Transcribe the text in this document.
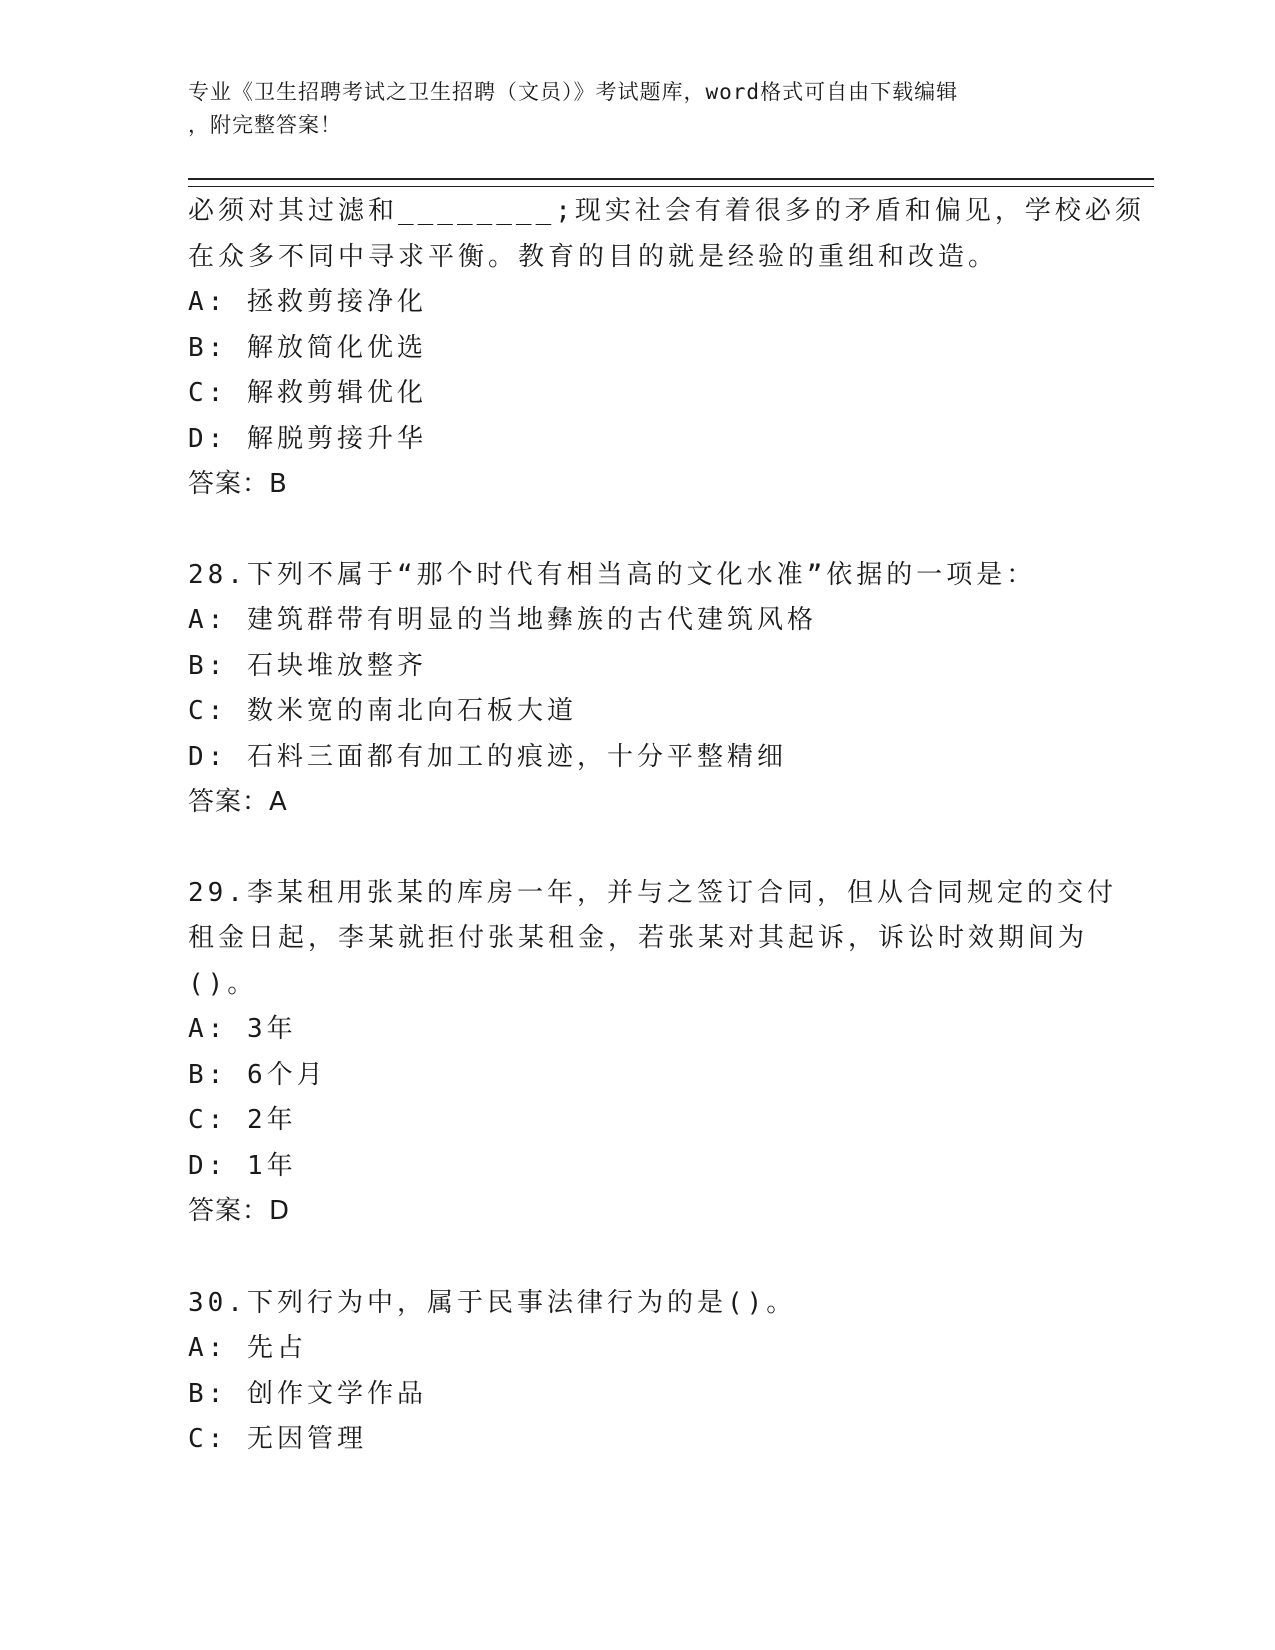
专业《卫生招聘考试之卫生招聘（文员）》考试题库，word格式可自由下载编辑
，附完整答案！
必须对其过滤和________;现实社会有着很多的矛盾和偏见，学校必须
在众多不同中寻求平衡。教育的目的就是经验的重组和改造。
A: 拯救剪接净化
B: 解放简化优选
C: 解救剪辑优化
D: 解脱剪接升华
答案：B
28.下列不属于“那个时代有相当高的文化水准”依据的一项是：
A: 建筑群带有明显的当地彝族的古代建筑风格
B: 石块堆放整齐
C: 数米宽的南北向石板大道
D: 石料三面都有加工的痕迹，十分平整精细
答案：A
29.李某租用张某的库房一年，并与之签订合同，但从合同规定的交付
租金日起，李某就拒付张某租金，若张某对其起诉，诉讼时效期间为
()。
A: 3年
B: 6个月
C: 2年
D: 1年
答案：D
30.下列行为中，属于民事法律行为的是()。
A: 先占
B: 创作文学作品
C: 无因管理
